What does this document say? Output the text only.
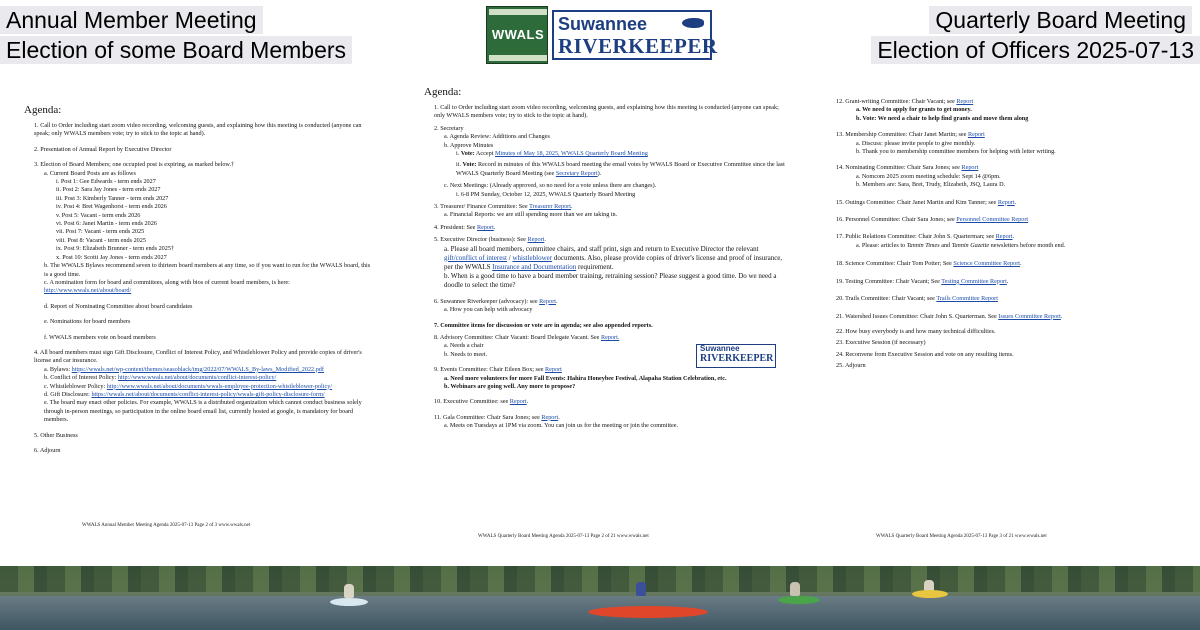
Annual Member Meeting
Election of some Board Members
Quarterly Board Meeting
Election of Officers 2025-07-13
WWALS
Suwannee
RIVERKEEPER
Agenda:
1. Call to Order including start zoom video recording, welcoming guests, and explaining how this meeting is conducted (anyone can speak; only WWALS members vote; try to stick to the topic at hand).
2. Presentation of Annual Report by Executive Director
3. Election of Board Members; one occupied post is expiring, as marked below.†
a. Current Board Posts are as follows
i. Post 1: Gee Edwards - term ends 2027
ii. Post 2: Sara Jay Jones - term ends 2027
iii. Post 3: Kimberly Tanner - term ends 2027
iv. Post 4: Bret Wagenhorst - term ends 2026
v. Post 5: Vacant - term ends 2026
vi. Post 6: Janet Martin - term ends 2026
vii. Post 7: Vacant - term ends 2025
viii. Post 8: Vacant - term ends 2025
ix. Post 9: Elizabeth Brunner - term ends 2025†
x. Post 10: Scotti Jay Jones - term ends 2027
b. The WWALS Bylaws recommend seven to thirteen board members at any time, so if you want to run for the WWALS board, this is a good time.
c. A nomination form for board and committees, along with bios of current board members, is here:
http://www.wwals.net/about/board/
d. Report of Nominating Committee about board candidates
e. Nominations for board members
f. WWALS members vote on board members
4. All board members must sign Gift Disclosure, Conflict of Interest Policy, and Whistleblower Policy and provide copies of driver's license and car insurance.
a. Bylaws: https://wwals.net/wp-content/themes/seasoblack/img/2022/07/WWALS_By-laws_Modified_2022.pdf
b. Conflict of Interest Policy: http://www.wwals.net/about/documents/conflict-interest-policy/
c. Whistleblower Policy: http://www.wwals.net/about/documents/wwals-employee-protection-whistleblower-policy/
d. Gift Disclosure: https://wwals.net/about/documents/conflict-interest-policy/wwals-gift-policy-disclosure-form/
e. The board may enact other policies. For example, WWALS is a distributed organization which cannot conduct business solely through in-person meetings, so participation in the online board email list, currently hosted at google, is mandatory for board members.
5. Other Business
6. Adjourn
WWALS Annual Member Meeting Agenda 2025-07-13 Page 2 of 3 www.wwals.net
Agenda:
1. Call to Order including start zoom video recording, welcoming guests, and explaining how this meeting is conducted (anyone can speak; only WWALS members vote; try to stick to the topic at hand).
2. Secretary
a. Agenda Review: Additions and Changes
b. Approve Minutes
i. Vote: Accept Minutes of May 18, 2025, WWALS Quarterly Board Meeting
ii. Vote: Record in minutes of this WWALS board meeting the email votes by WWALS Board or Executive Committee since the last WWALS Quarterly Board Meeting (see Secretary Report).
c. Next Meetings: (Already approved, so no need for a vote unless there are changes).
i. 6-8 PM Sunday, October 12, 2025, WWALS Quarterly Board Meeting
3. Treasurer/ Finance Committee: See Treasurer Report.
a. Financial Reports: we are still spending more than we are taking in.
4. President: See Report.
5. Executive Director (business): See Report.
a. Please all board members, committee chairs, and staff print, sign and return to Executive Director the relevant gift/conflict of interest / whistleblower documents. Also, please provide copies of driver's license and proof of insurance, per the WWALS Insurance and Documentation requirement.
b. When is a good time to have a board member training, retraining session? Please suggest a good time. Do we need a doodle to select the time?
6. Suwannee Riverkeeper (advocacy): see Report.
a. How you can help with advocacy
7. Committee items for discussion or vote are in agenda; see also appended reports.
8. Advisory Committee: Chair Vacant: Board Delegate Vacant. See Report.
a. Needs a chair
b. Needs to meet.
9. Events Committee: Chair Eileen Box; see Report
a. Need more volunteers for more Fall Events: Hahira Honeybee Festival, Alapaha Station Celebration, etc.
b. Webinars are going well. Any more to propose?
10. Executive Committee: see Report.
11. Gala Committee: Chair Sara Jones; see Report.
a. Meets on Tuesdays at 1PM via zoom. You can join us for the meeting or join the committee.
Suwannee
RIVERKEEPER
WWALS Quarterly Board Meeting Agenda 2025-07-13 Page 2 of 21 www.wwals.net
12. Grant-writing Committee: Chair Vacant; see Report
a. We need to apply for grants to get money.
b. Vote: We need a chair to help find grants and move them along
13. Membership Committee: Chair Janet Martin; see Report
a. Discuss: please invite people to give monthly.
b. Thank you to membership committee members for helping with letter writing.
14. Nominating Committee: Chair Sara Jones; see Report
a. Nomcom 2025 zoom meeting schedule: Sept 14 @6pm.
b. Members are: Sara, Bret, Trudy, Elizabeth, JSQ, Laura D.
15. Outings Committee: Chair Janet Martin and Kim Tanner; see Report.
16. Personnel Committee: Chair Sara Jones; see Personnel Committee Report
17. Public Relations Committee: Chair John S. Quarterman; see Report.
a. Please: articles to Tannin Times and Tannin Gazette newsletters before month end.
18. Science Committee: Chair Tom Potter; See Science Committee Report.
19. Testing Committee: Chair Vacant; See Testing Committee Report.
20. Trails Committee: Chair Vacant; see Trails Committee Report
21. Watershed Issues Committee: Chair John S. Quarterman. See Issues Committee Report.
22. How busy everybody is and how many technical difficulties.
23. Executive Session (if necessary)
24. Reconvene from Executive Session and vote on any resulting items.
25. Adjourn
WWALS Quarterly Board Meeting Agenda 2025-07-13 Page 3 of 21 www.wwals.net
